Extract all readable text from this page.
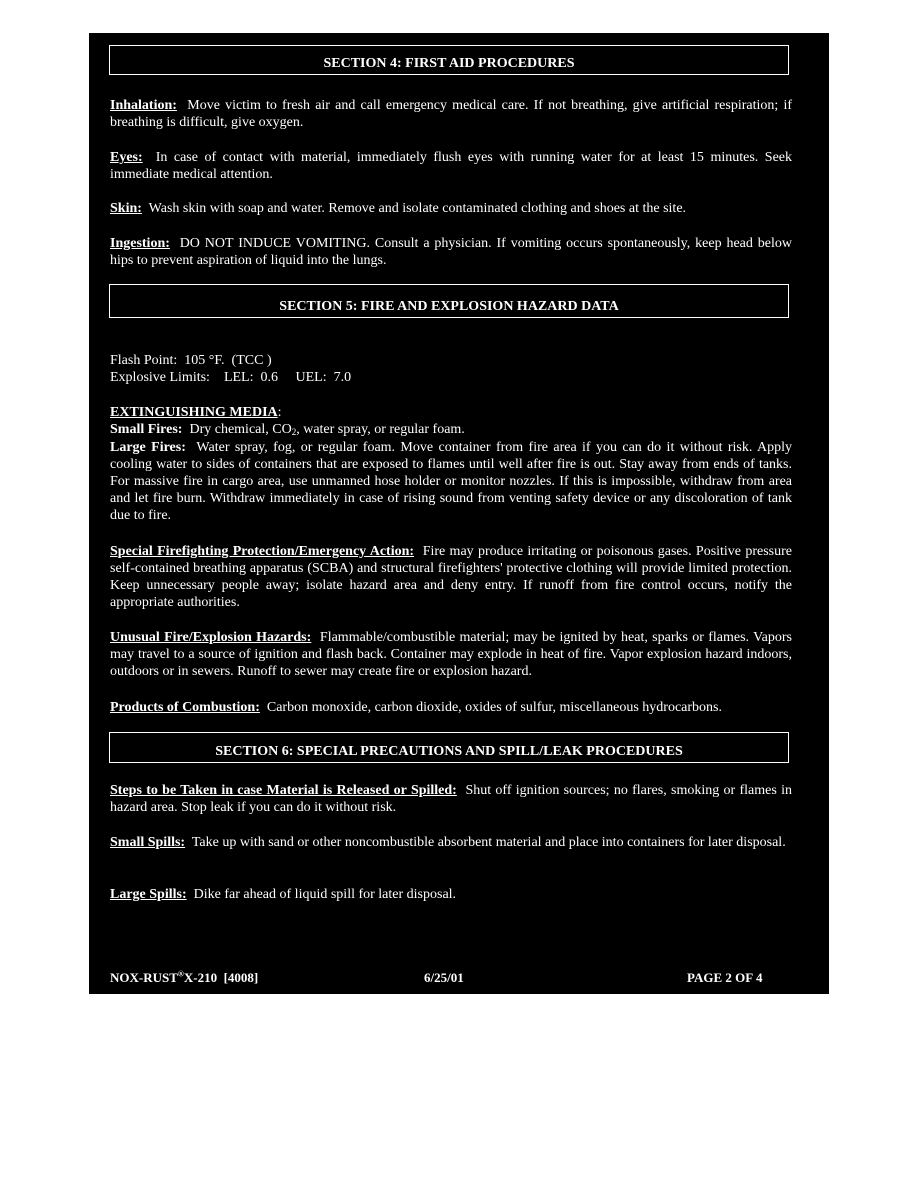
SECTION 4: FIRST AID PROCEDURES
Inhalation: Move victim to fresh air and call emergency medical care. If not breathing, give artificial respiration; if breathing is difficult, give oxygen.
Eyes: In case of contact with material, immediately flush eyes with running water for at least 15 minutes. Seek immediate medical attention.
Skin: Wash skin with soap and water. Remove and isolate contaminated clothing and shoes at the site.
Ingestion: DO NOT INDUCE VOMITING. Consult a physician. If vomiting occurs spontaneously, keep head below hips to prevent aspiration of liquid into the lungs.
SECTION 5: FIRE AND EXPLOSION HAZARD DATA
Flash Point:  105 °F.  (TCC )
Explosive Limits:    LEL:  0.6     UEL:  7.0
EXTINGUISHING MEDIA:
Small Fires: Dry chemical, $CO_2$, water spray, or regular foam.
Large Fires: Water spray, fog, or regular foam. Move container from fire area if you can do it without risk. Apply cooling water to sides of containers that are exposed to flames until well after fire is out. Stay away from ends of tanks. For massive fire in cargo area, use unmanned hose holder or monitor nozzles. If this is impossible, withdraw from area and let fire burn. Withdraw immediately in case of rising sound from venting safety device or any discoloration of tank due to fire.
Special Firefighting Protection/Emergency Action: Fire may produce irritating or poisonous gases. Positive pressure self-contained breathing apparatus (SCBA) and structural firefighters' protective clothing will provide limited protection. Keep unnecessary people away; isolate hazard area and deny entry. If runoff from fire control occurs, notify the appropriate authorities.
Unusual Fire/Explosion Hazards: Flammable/combustible material; may be ignited by heat, sparks or flames. Vapors may travel to a source of ignition and flash back. Container may explode in heat of fire. Vapor explosion hazard indoors, outdoors or in sewers. Runoff to sewer may create fire or explosion hazard.
Products of Combustion: Carbon monoxide, carbon dioxide, oxides of sulfur, miscellaneous hydrocarbons.
SECTION 6: SPECIAL PRECAUTIONS AND SPILL/LEAK PROCEDURES
Steps to be Taken in case Material is Released or Spilled: Shut off ignition sources; no flares, smoking or flames in hazard area. Stop leak if you can do it without risk.
Small Spills: Take up with sand or other noncombustible absorbent material and place into containers for later disposal.
Large Spills: Dike far ahead of liquid spill for later disposal.
NOX-RUST®X-210  [4008]	6/25/01	PAGE 2 OF 4
